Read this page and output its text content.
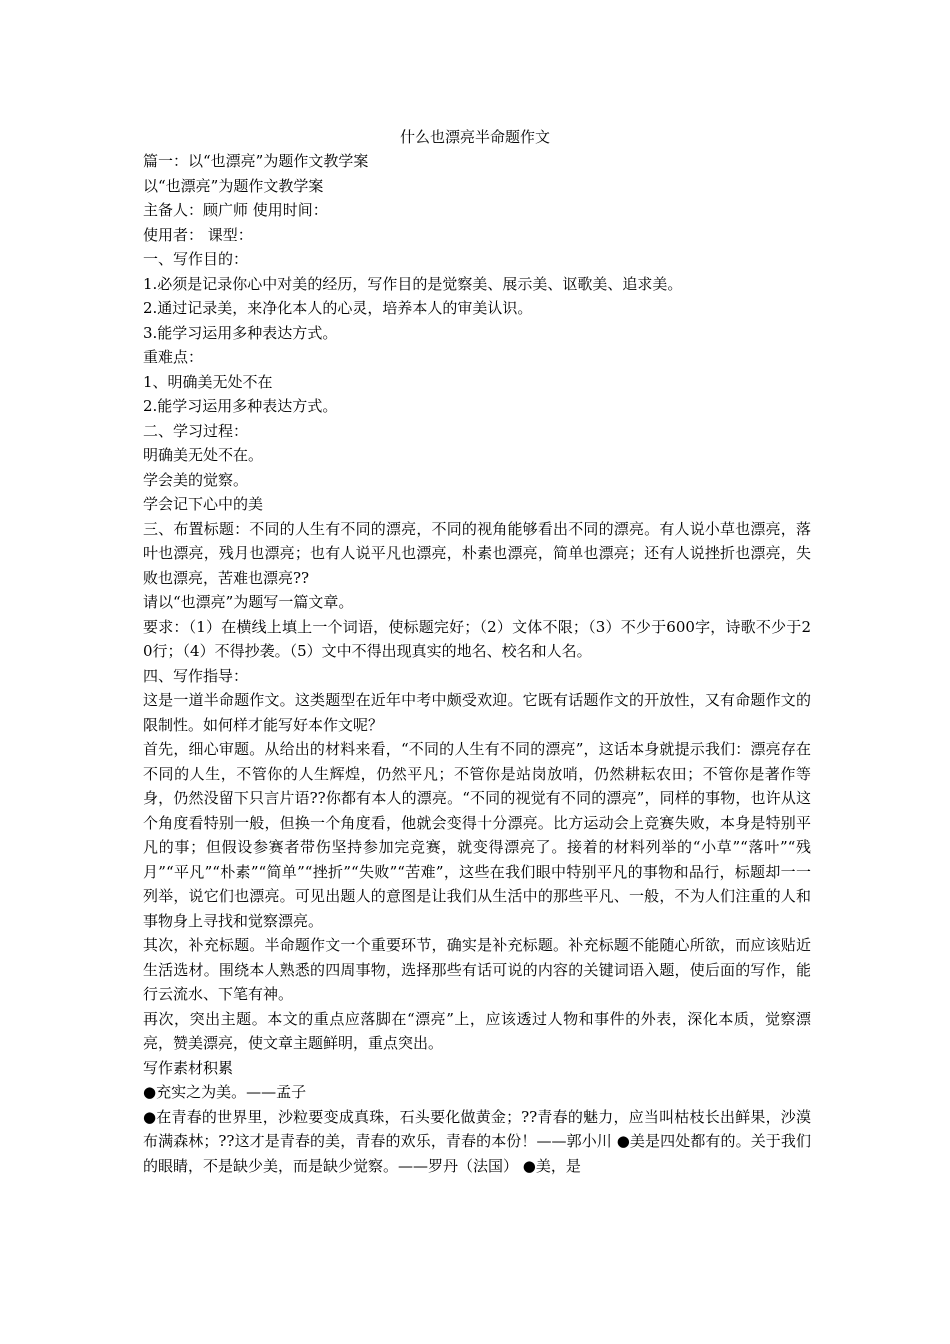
什么也漂亮半命题作文

篇一：以“也漂亮”为题作文教学案

以“也漂亮”为题作文教学案

主备人：顾广师 使用时间：

使用者： 课型：

一、写作目的：

1.必须是记录你心中对美的经历，写作目的是觉察美、展示美、讴歌美、追求美。

2.通过记录美，来净化本人的心灵，培养本人的审美认识。

3.能学习运用多种表达方式。

重难点：

1、明确美无处不在

2.能学习运用多种表达方式。

二、学习过程：

明确美无处不在。

学会美的觉察。

学会记下心中的美

三、布置标题：不同的人生有不同的漂亮，不同的视角能够看出不同的漂亮。有人说小草也漂亮，落叶也漂亮，残月也漂亮；也有人说平凡也漂亮，朴素也漂亮，简单也漂亮；还有人说挫折也漂亮，失败也漂亮，苦难也漂亮??

请以“也漂亮”为题写一篇文章。

要求：（1）在横线上填上一个词语，使标题完好；（2）文体不限；（3）不少于600字，诗歌不少于20行；（4）不得抄袭。（5）文中不得出现真实的地名、校名和人名。

四、写作指导：

这是一道半命题作文。这类题型在近年中考中颇受欢迎。它既有话题作文的开放性，又有命题作文的限制性。如何样才能写好本作文呢？

首先，细心审题。从给出的材料来看，“不同的人生有不同的漂亮”，这话本身就提示我们：漂亮存在不同的人生，不管你的人生辉煌，仍然平凡；不管你是站岗放哨，仍然耕耘农田；不管你是著作等身，仍然没留下只言片语??你都有本人的漂亮。“不同的视觉有不同的漂亮”，同样的事物，也许从这个角度看特别一般，但换一个角度看，他就会变得十分漂亮。比方运动会上竞赛失败，本身是特别平凡的事；但假设参赛者带伤坚持参加完竞赛，就变得漂亮了。接着的材料列举的“小草”“落叶”“残月”“平凡”“朴素”“简单”“挫折”“失败”“苦难”，这些在我们眼中特别平凡的事物和品行，标题却一一列举，说它们也漂亮。可见出题人的意图是让我们从生活中的那些平凡、一般，不为人们注重的人和事物身上寻找和觉察漂亮。

其次，补充标题。半命题作文一个重要环节，确实是补充标题。补充标题不能随心所欲，而应该贴近生活选材。围绕本人熟悉的四周事物，选择那些有话可说的内容的关键词语入题，使后面的写作，能行云流水、下笔有神。

再次，突出主题。本文的重点应落脚在“漂亮”上，应该透过人物和事件的外表，深化本质，觉察漂亮，赞美漂亮，使文章主题鲜明，重点突出。

写作素材积累

●充实之为美。——孟子

●在青春的世界里，沙粒要变成真珠，石头要化做黄金；??青春的魅力，应当叫枯枝长出鲜果，沙漠布满森林；??这才是青春的美，青春的欢乐，青春的本份！——郭小川 ●美是四处都有的。关于我们的眼睛，不是缺少美，而是缺少觉察。——罗丹（法国） ●美，是
